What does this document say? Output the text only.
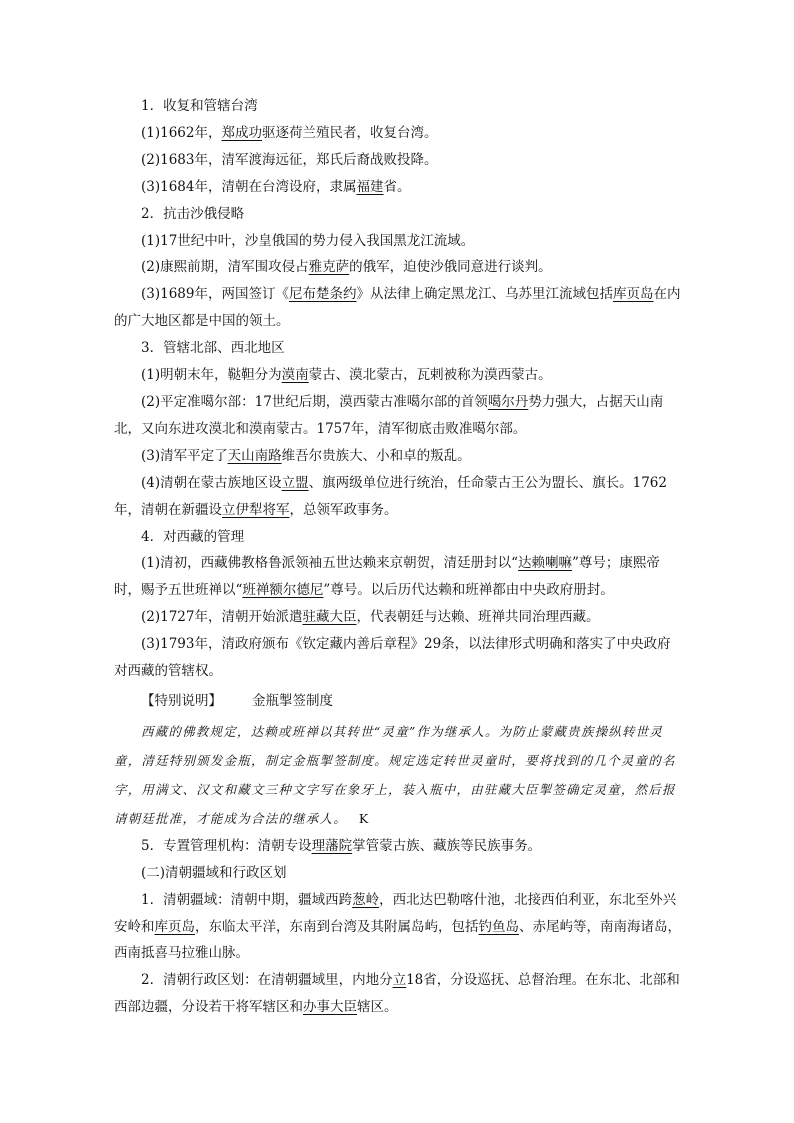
1．收复和管辖台湾

(1)1662年，郑成功驱逐荷兰殖民者，收复台湾。

(2)1683年，清军渡海远征，郑氏后裔战败投降。

(3)1684年，清朝在台湾设府，隶属福建省。

2．抗击沙俄侵略

(1)17世纪中叶，沙皇俄国的势力侵入我国黑龙江流域。

(2)康熙前期，清军围攻侵占雅克萨的俄军，迫使沙俄同意进行谈判。

(3)1689年，两国签订《尼布楚条约》从法律上确定黑龙江、乌苏里江流域包括库页岛在内的广大地区都是中国的领土。

3．管辖北部、西北地区

(1)明朝末年，鞑靼分为漠南蒙古、漠北蒙古，瓦剌被称为漠西蒙古。

(2)平定准噶尔部：17世纪后期，漠西蒙古准噶尔部的首领噶尔丹势力强大，占据天山南北，又向东进攻漠北和漠南蒙古。1757年，清军彻底击败准噶尔部。

(3)清军平定了天山南路维吾尔贵族大、小和卓的叛乱。

(4)清朝在蒙古族地区设立盟、旗两级单位进行统治，任命蒙古王公为盟长、旗长。1762年，清朝在新疆设立伊犁将军，总领军政事务。

4．对西藏的管理

(1)清初，西藏佛教格鲁派领袖五世达赖来京朝贺，清廷册封以“达赖喇嘛”尊号；康熙帝时，赐予五世班禅以“班禅额尔德尼”尊号。以后历代达赖和班禅都由中央政府册封。

(2)1727年，清朝开始派遣驻藏大臣，代表朝廷与达赖、班禅共同治理西藏。

(3)1793年，清政府颁布《钦定藏内善后章程》29条，以法律形式明确和落实了中央政府对西藏的管辖权。

【特别说明】 金瓶掣签制度

西藏的佛教规定，达赖或班禅以其转世“灵童”作为继承人。为防止蒙藏贵族操纵转世灵童，清廷特别颁发金瓶，制定金瓶掣签制度。规定选定转世灵童时，要将找到的几个灵童的名字，用满文、汉文和藏文三种文字写在象牙上，装入瓶中，由驻藏大臣掣签确定灵童，然后报请朝廷批准，才能成为合法的继承人。 K

5．专置管理机构：清朝专设理藩院掌管蒙古族、藏族等民族事务。

(二)清朝疆域和行政区划

1．清朝疆域：清朝中期，疆域西跨葱岭，西北达巴勒喀什池，北接西伯利亚，东北至外兴安岭和库页岛，东临太平洋，东南到台湾及其附属岛屿，包括钓鱼岛、赤尾屿等，南南海诸岛，西南抵喜马拉雅山脉。

2．清朝行政区划：在清朝疆域里，内地分立18省，分设巡抚、总督治理。在东北、北部和西部边疆，分设若干将军辖区和办事大臣辖区。
